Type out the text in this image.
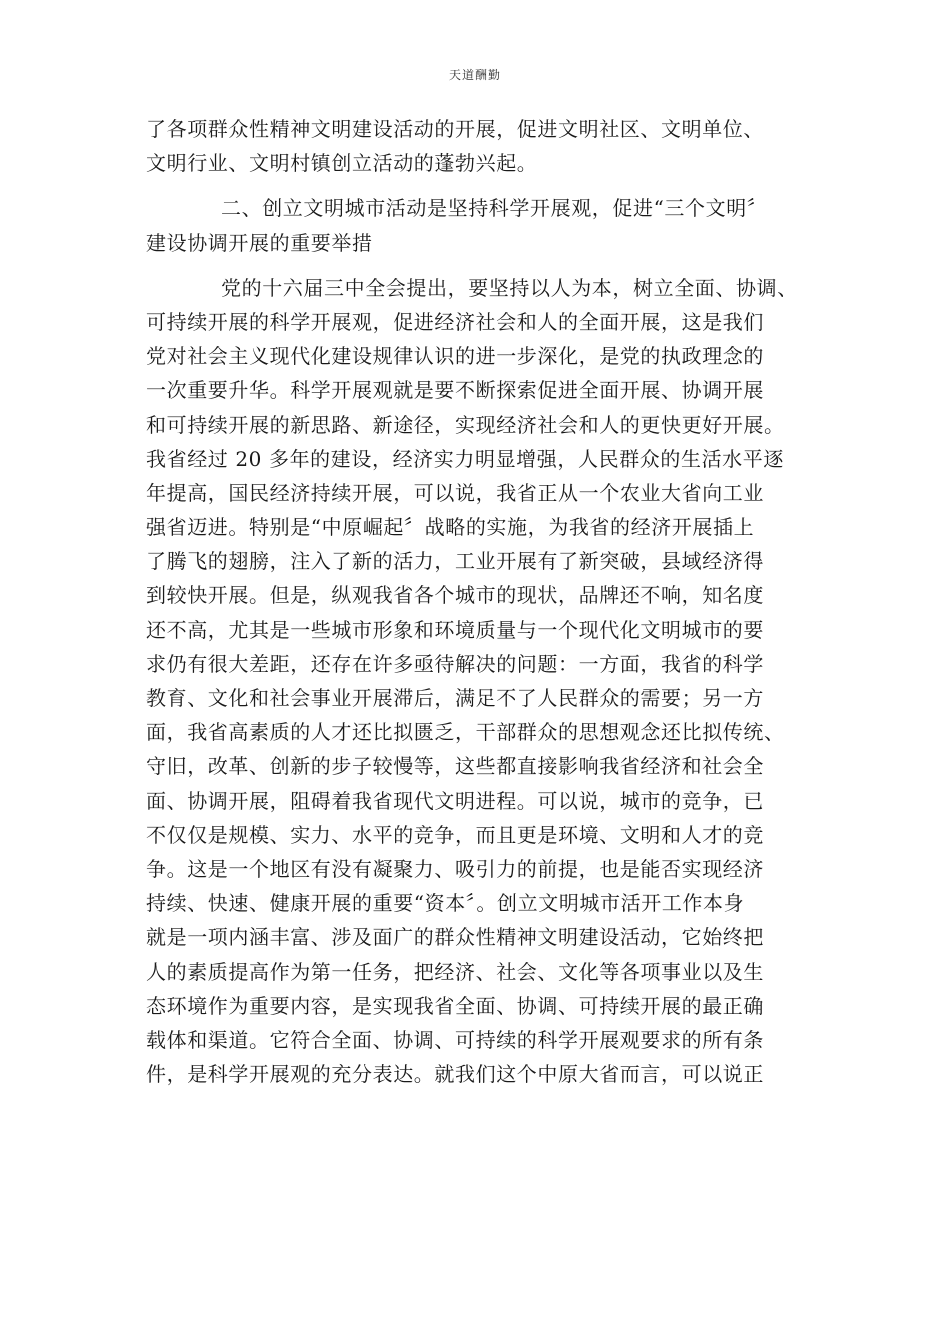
天道酬勤
了各项群众性精神文明建设活动的开展，促进文明社区、文明单位、
文明行业、文明村镇创立活动的蓬勃兴起。
二、创立文明城市活动是坚持科学开展观，促进“三个文明〞
建设协调开展的重要举措
党的十六届三中全会提出，要坚持以人为本，树立全面、协调、
可持续开展的科学开展观，促进经济社会和人的全面开展，这是我们
党对社会主义现代化建设规律认识的进一步深化，是党的执政理念的
一次重要升华。科学开展观就是要不断探索促进全面开展、协调开展
和可持续开展的新思路、新途径，实现经济社会和人的更快更好开展。
我省经过 20 多年的建设，经济实力明显增强，人民群众的生活水平逐
年提高，国民经济持续开展，可以说，我省正从一个农业大省向工业
强省迈进。特别是“中原崛起〞战略的实施，为我省的经济开展插上
了腾飞的翅膀，注入了新的活力，工业开展有了新突破，县域经济得
到较快开展。但是，纵观我省各个城市的现状，品牌还不响，知名度
还不高，尤其是一些城市形象和环境质量与一个现代化文明城市的要
求仍有很大差距，还存在许多亟待解决的问题：一方面，我省的科学
教育、文化和社会事业开展滞后，满足不了人民群众的需要；另一方
面，我省高素质的人才还比拟匮乏，干部群众的思想观念还比拟传统、
守旧，改革、创新的步子较慢等，这些都直接影响我省经济和社会全
面、协调开展，阻碍着我省现代文明进程。可以说，城市的竞争，已
不仅仅是规模、实力、水平的竞争，而且更是环境、文明和人才的竞
争。这是一个地区有没有凝聚力、吸引力的前提，也是能否实现经济
持续、快速、健康开展的重要“资本〞。创立文明城市活开工作本身
就是一项内涵丰富、涉及面广的群众性精神文明建设活动，它始终把
人的素质提高作为第一任务，把经济、社会、文化等各项事业以及生
态环境作为重要内容，是实现我省全面、协调、可持续开展的最正确
载体和渠道。它符合全面、协调、可持续的科学开展观要求的所有条
件，是科学开展观的充分表达。就我们这个中原大省而言，可以说正
